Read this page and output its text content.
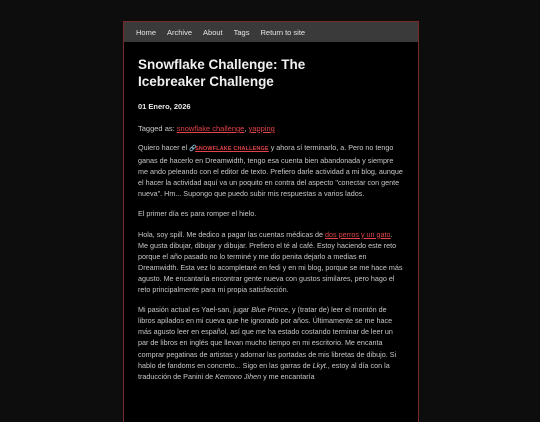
Home Archive About Tags Return to site
Snowflake Challenge: The
Icebreaker Challenge
01 Enero, 2026
Tagged as: snowflake challenge, yapping

Quiero hacer el 🔗SNOWFLAKE CHALLENGE y ahora sí terminarlo, a. Pero no tengo ganas de hacerlo en Dreamwidth, tengo esa cuenta bien abandonada y siempre me ando peleando con el editor de texto. Prefiero darle actividad a mi blog, aunque el hacer la actividad aquí va un poquito en contra del aspecto "conectar con gente nueva". Hm... Supongo que puedo subir mis respuestas a varios lados.

El primer día es para romper el hielo.

Hola, soy spill. Me dedico a pagar las cuentas médicas de dos perros y un gato. Me gusta dibujar, dibujar y dibujar. Prefiero el té al café. Estoy haciendo este reto porque el año pasado no lo terminé y me dio penita dejarlo a medias en Dreamwidth. Esta vez lo acompletaré en fedi y en mi blog, porque se me hace más agusto. Me encantaría encontrar gente nueva con gustos similares, pero hago el reto principalmente para mi propia satisfacción.

Mi pasión actual es Yael-san, jugar Blue Prince, y (tratar de) leer el montón de libros apilados en mi cueva que he ignorado por años. Últimamente se me hace más agusto leer en español, así que me ha estado costando terminar de leer un par de libros en inglés que llevan mucho tiempo en mi escritorio. Me encanta comprar pegatinas de artistas y adornar las portadas de mis libretas de dibujo. Si hablo de fandoms en concreto... Sigo en las garras de Lkyt., estoy al día con la traducción de Panini de Kemono Jihen y me encantaría
